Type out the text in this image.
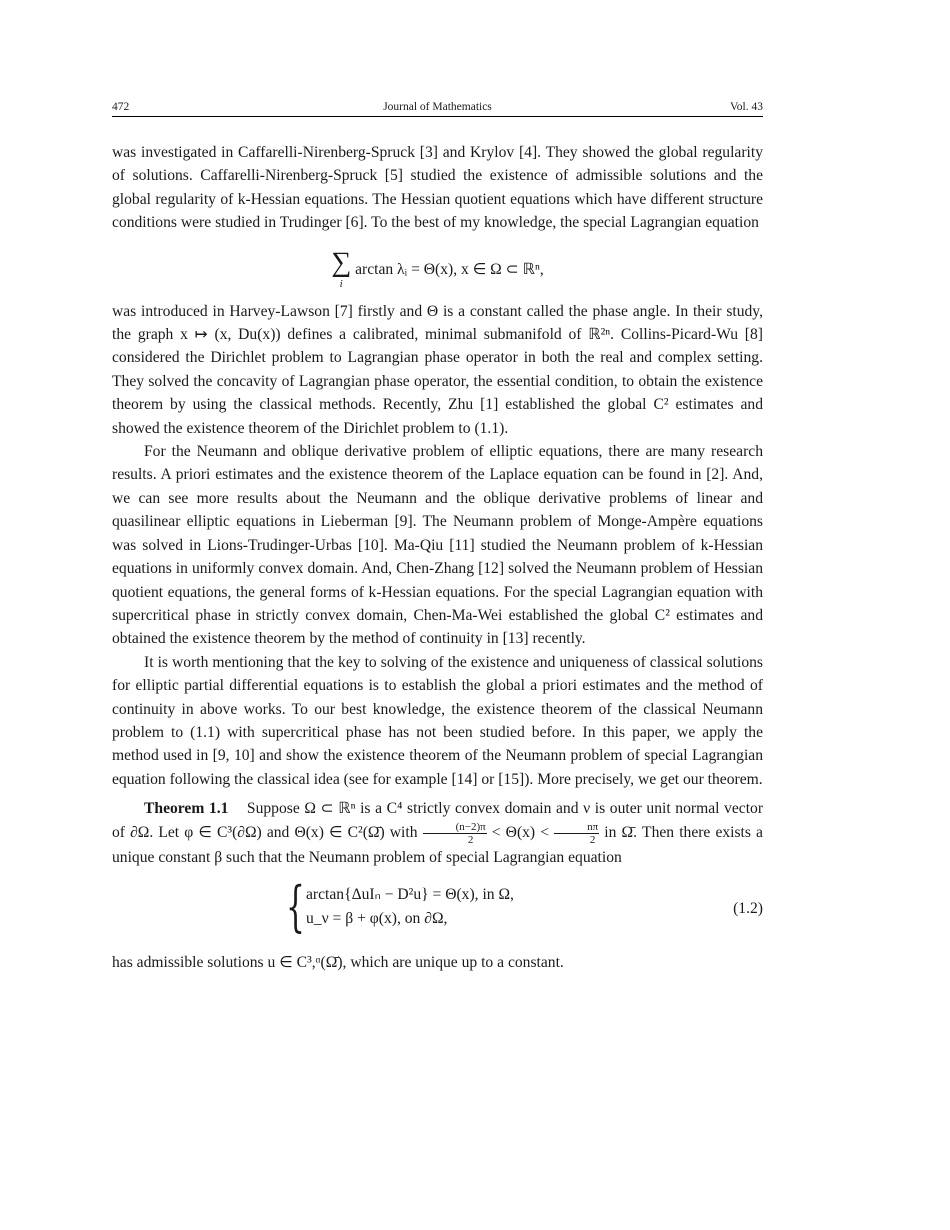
472	Journal of Mathematics	Vol. 43

was investigated in Caffarelli-Nirenberg-Spruck [3] and Krylov [4]. They showed the global regularity of solutions. Caffarelli-Nirenberg-Spruck [5] studied the existence of admissible solutions and the global regularity of k-Hessian equations. The Hessian quotient equations which have different structure conditions were studied in Trudinger [6]. To the best of my knowledge, the special Lagrangian equation

∑
i
arctan λᵢ = Θ(x), x ∈ Ω ⊂ ℝⁿ,

was introduced in Harvey-Lawson [7] firstly and Θ is a constant called the phase angle. In their study, the graph x ↦ (x, Du(x)) defines a calibrated, minimal submanifold of ℝ²ⁿ. Collins-Picard-Wu [8] considered the Dirichlet problem to Lagrangian phase operator in both the real and complex setting. They solved the concavity of Lagrangian phase operator, the essential condition, to obtain the existence theorem by using the classical methods. Recently, Zhu [1] established the global C² estimates and showed the existence theorem of the Dirichlet problem to (1.1).

For the Neumann and oblique derivative problem of elliptic equations, there are many research results. A priori estimates and the existence theorem of the Laplace equation can be found in [2]. And, we can see more results about the Neumann and the oblique derivative problems of linear and quasilinear elliptic equations in Lieberman [9]. The Neumann problem of Monge-Ampère equations was solved in Lions-Trudinger-Urbas [10]. Ma-Qiu [11] studied the Neumann problem of k-Hessian equations in uniformly convex domain. And, Chen-Zhang [12] solved the Neumann problem of Hessian quotient equations, the general forms of k-Hessian equations. For the special Lagrangian equation with supercritical phase in strictly convex domain, Chen-Ma-Wei established the global C² estimates and obtained the existence theorem by the method of continuity in [13] recently.

It is worth mentioning that the key to solving of the existence and uniqueness of classical solutions for elliptic partial differential equations is to establish the global a priori estimates and the method of continuity in above works. To our best knowledge, the existence theorem of the classical Neumann problem to (1.1) with supercritical phase has not been studied before. In this paper, we apply the method used in [9, 10] and show the existence theorem of the Neumann problem of special Lagrangian equation following the classical idea (see for example [14] or [15]). More precisely, we get our theorem.

Theorem 1.1 Suppose Ω ⊂ ℝⁿ is a C⁴ strictly convex domain and ν is outer unit normal vector of ∂Ω. Let φ ∈ C³(∂Ω) and Θ(x) ∈ C²(Ω̄) with $\frac{(n-2)\pi}{2} < \Theta(x) < \frac{n\pi}{2}$ in Ω̄. Then there exists a unique constant β such that the Neumann problem of special Lagrangian equation

{ arctan{ΔuIₙ − D²u} = Θ(x), in Ω,
u_ν = β + φ(x), on ∂Ω,
(1.2)

has admissible solutions u ∈ C³,ᵅ(Ω̄), which are unique up to a constant.
